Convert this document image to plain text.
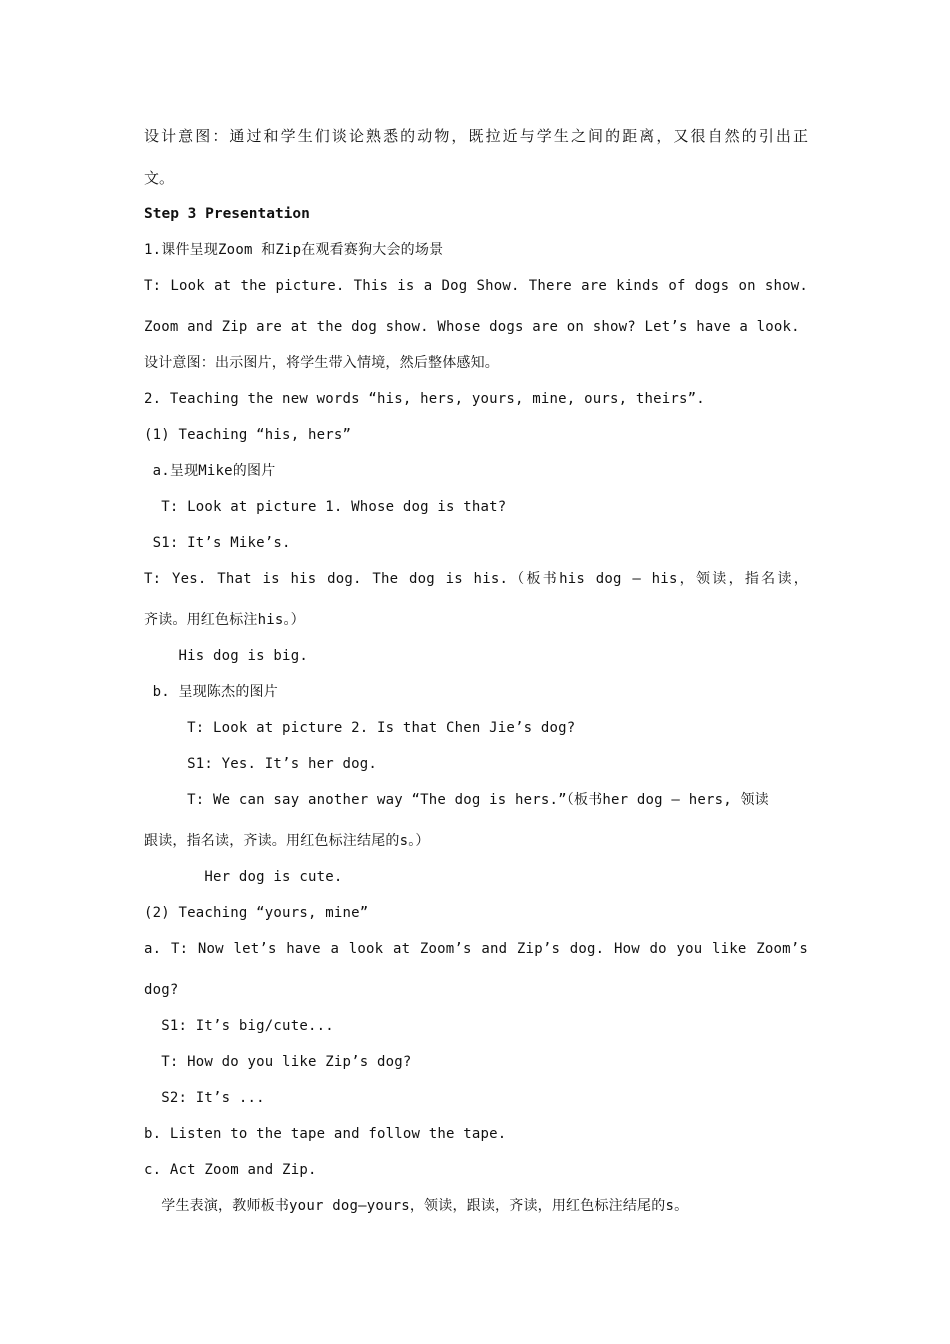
设计意图：通过和学生们谈论熟悉的动物，既拉近与学生之间的距离，又很自然的引出正
文。
Step 3 Presentation
1.课件呈现Zoom 和Zip在观看赛狗大会的场景
T: Look at the picture. This is a Dog Show. There are kinds of dogs on show.
Zoom and Zip are at the dog show. Whose dogs are on show? Let’s have a look.
设计意图：出示图片，将学生带入情境，然后整体感知。
2. Teaching the new words “his, hers, yours, mine, ours, theirs”.
(1) Teaching “his, hers”
a.呈现Mike的图片
T: Look at picture 1. Whose dog is that?
S1: It’s Mike’s.
T: Yes. That is his dog. The dog is his.（板书his dog — his，领读，指名读，
齐读。用红色标注his。）
His dog is big.
b. 呈现陈杰的图片
T: Look at picture 2. Is that Chen Jie’s dog?
S1: Yes. It’s her dog.
T: We can say another way “The dog is hers.”（板书her dog — hers, 领读
跟读，指名读，齐读。用红色标注结尾的s。）
Her dog is cute.
(2) Teaching “yours, mine”
a. T: Now let’s have a look at Zoom’s and Zip’s dog. How do you like Zoom’s
dog?
S1: It’s big/cute...
T: How do you like Zip’s dog?
S2: It’s ...
b. Listen to the tape and follow the tape.
c. Act Zoom and Zip.
学生表演，教师板书your dog—yours，领读，跟读，齐读，用红色标注结尾的s。
